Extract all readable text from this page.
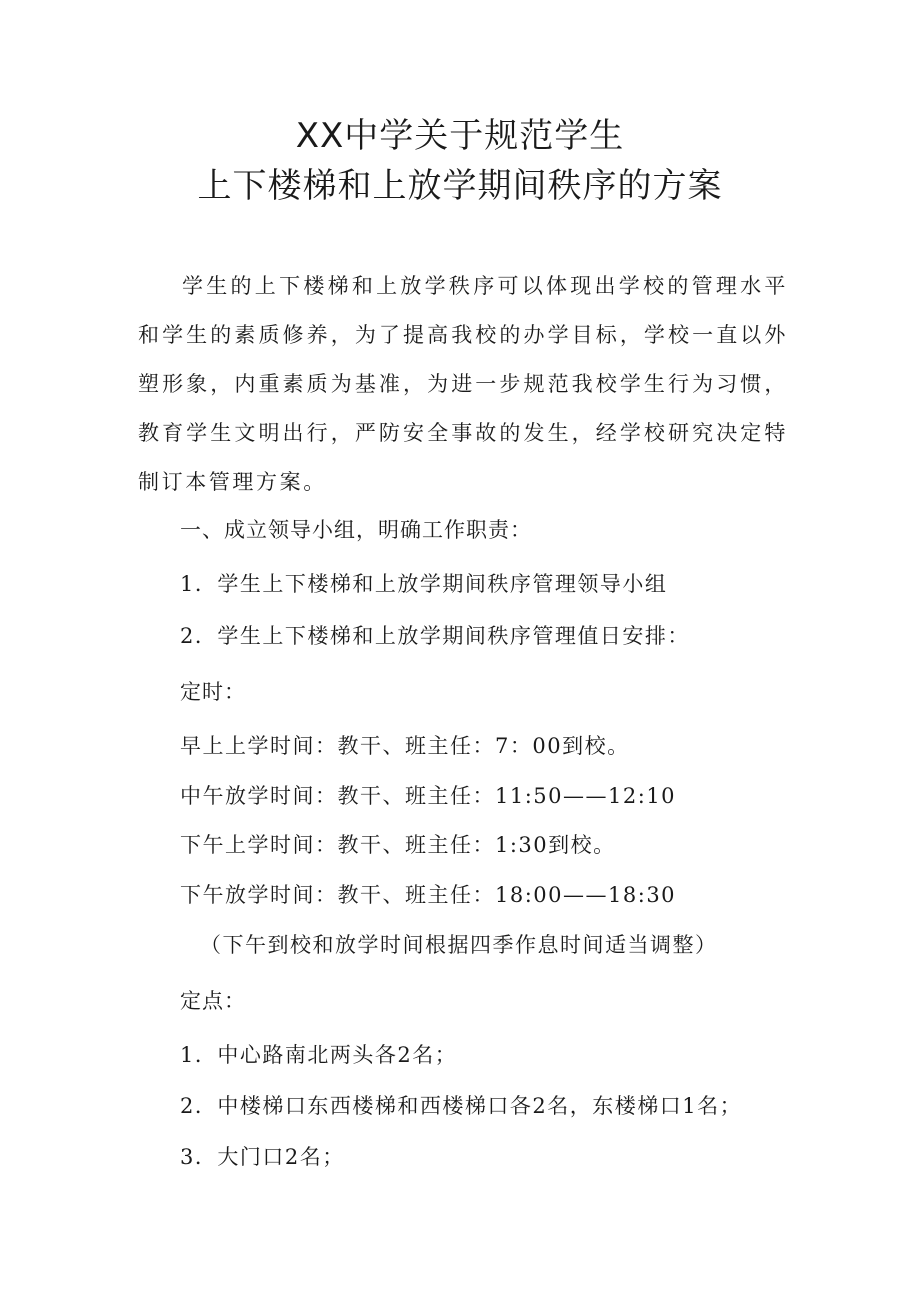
XX中学关于规范学生
上下楼梯和上放学期间秩序的方案
学生的上下楼梯和上放学秩序可以体现出学校的管理水平和学生的素质修养，为了提高我校的办学目标，学校一直以外塑形象，内重素质为基准，为进一步规范我校学生行为习惯，教育学生文明出行，严防安全事故的发生，经学校研究决定特制订本管理方案。
一、成立领导小组，明确工作职责：
1．学生上下楼梯和上放学期间秩序管理领导小组
2．学生上下楼梯和上放学期间秩序管理值日安排：
定时：
早上上学时间：教干、班主任：7：00到校。
中午放学时间：教干、班主任：11:50——12:10
下午上学时间：教干、班主任：1:30到校。
下午放学时间：教干、班主任：18:00——18:30
（下午到校和放学时间根据四季作息时间适当调整）
定点：
1．中心路南北两头各2名；
2．中楼梯口东西楼梯和西楼梯口各2名，东楼梯口1名；
3．大门口2名；
